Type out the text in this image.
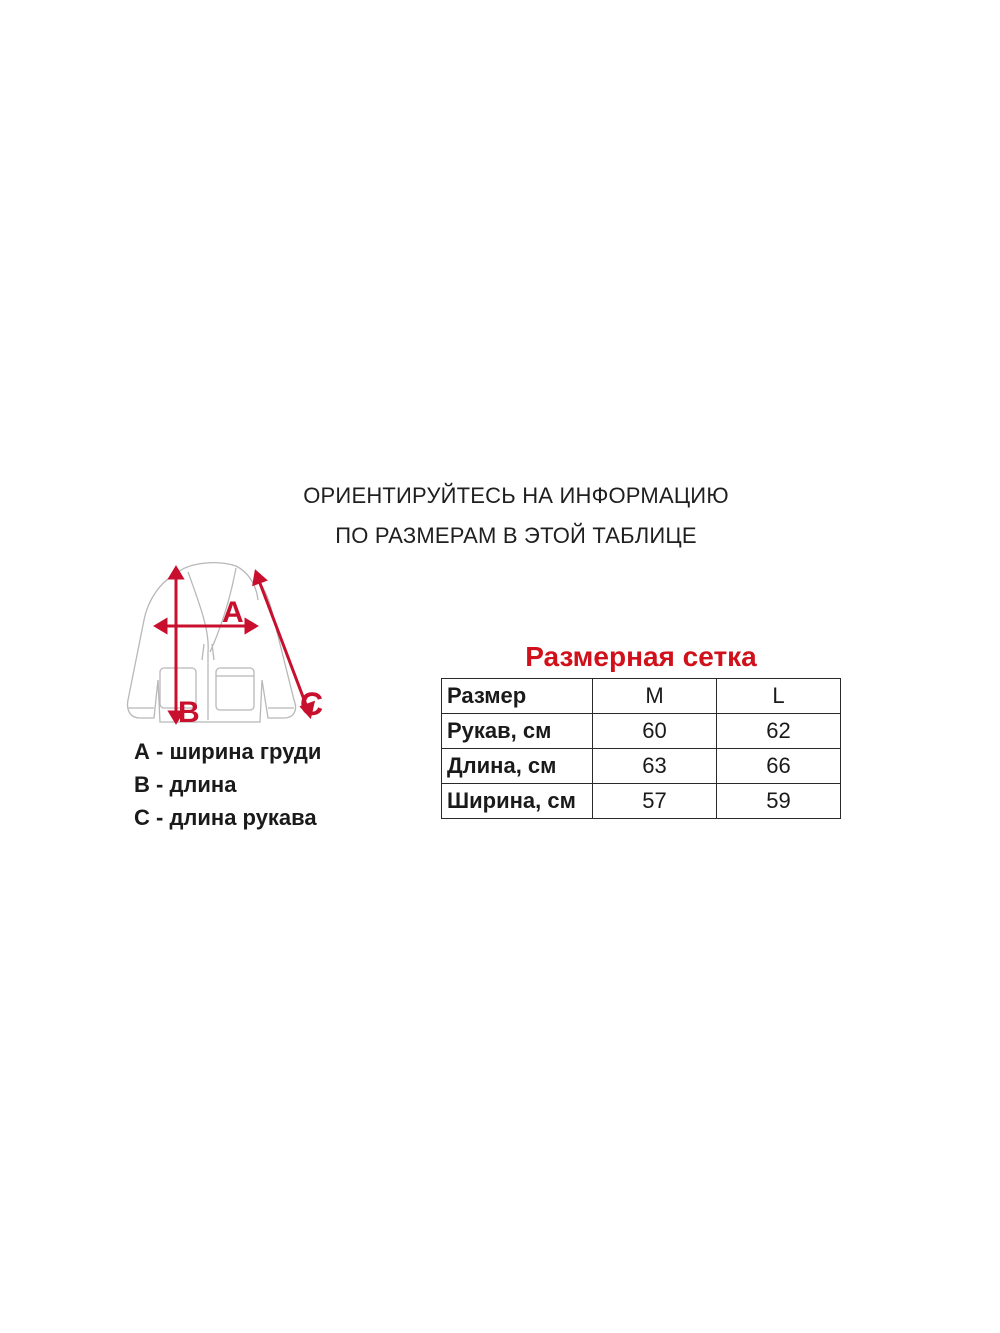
ОРИЕНТИРУЙТЕСЬ НА ИНФОРМАЦИЮ
ПО РАЗМЕРАМ В ЭТОЙ ТАБЛИЦЕ
A
B	C
А - ширина груди
В - длина
С - длина рукава
Размерная сетка
Размер	M	L
Рукав, см	60	62
Длина, см	63	66
Ширина, см	57	59
